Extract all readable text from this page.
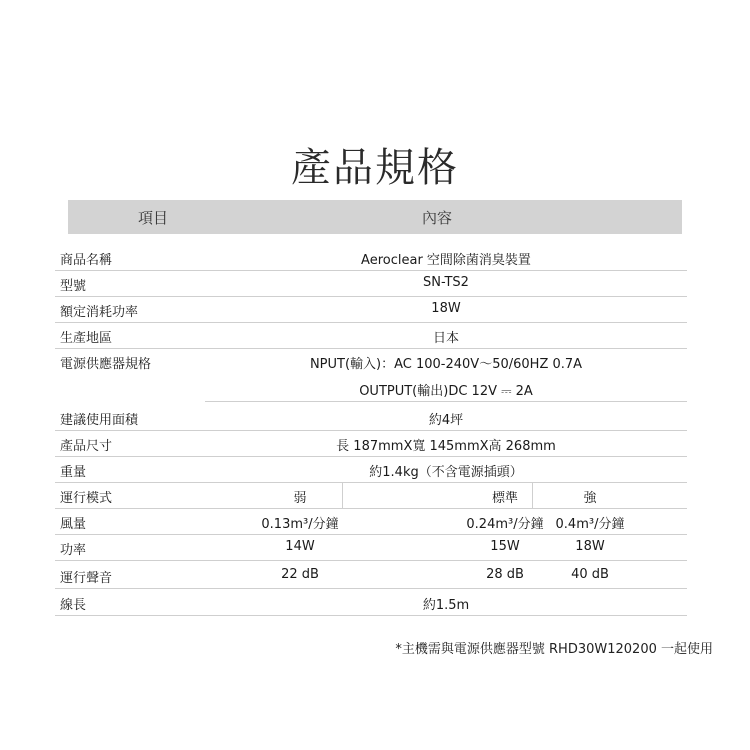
產品規格
項目	內容
商品名稱	Aeroclear 空間除菌消臭裝置
型號	SN-TS2
額定消耗功率	18W
生產地區	日本
電源供應器規格	NPUT(輸入)：AC 100-240V～50/60HZ 0.7A
OUTPUT(輸出)DC 12V ⎓ 2A
建議使用面積	約4坪
產品尺寸	長 187mmX寬 145mmX高 268mm
重量	約1.4kg（不含電源插頭）
運行模式	弱	標準	強
風量	0.13m³/分鐘	0.24m³/分鐘 0.4m³/分鐘
功率	14W	15W	18W
運行聲音	22 dB	28 dB	40 dB
線長	約1.5m
*主機需與電源供應器型號 RHD30W120200 一起使用
